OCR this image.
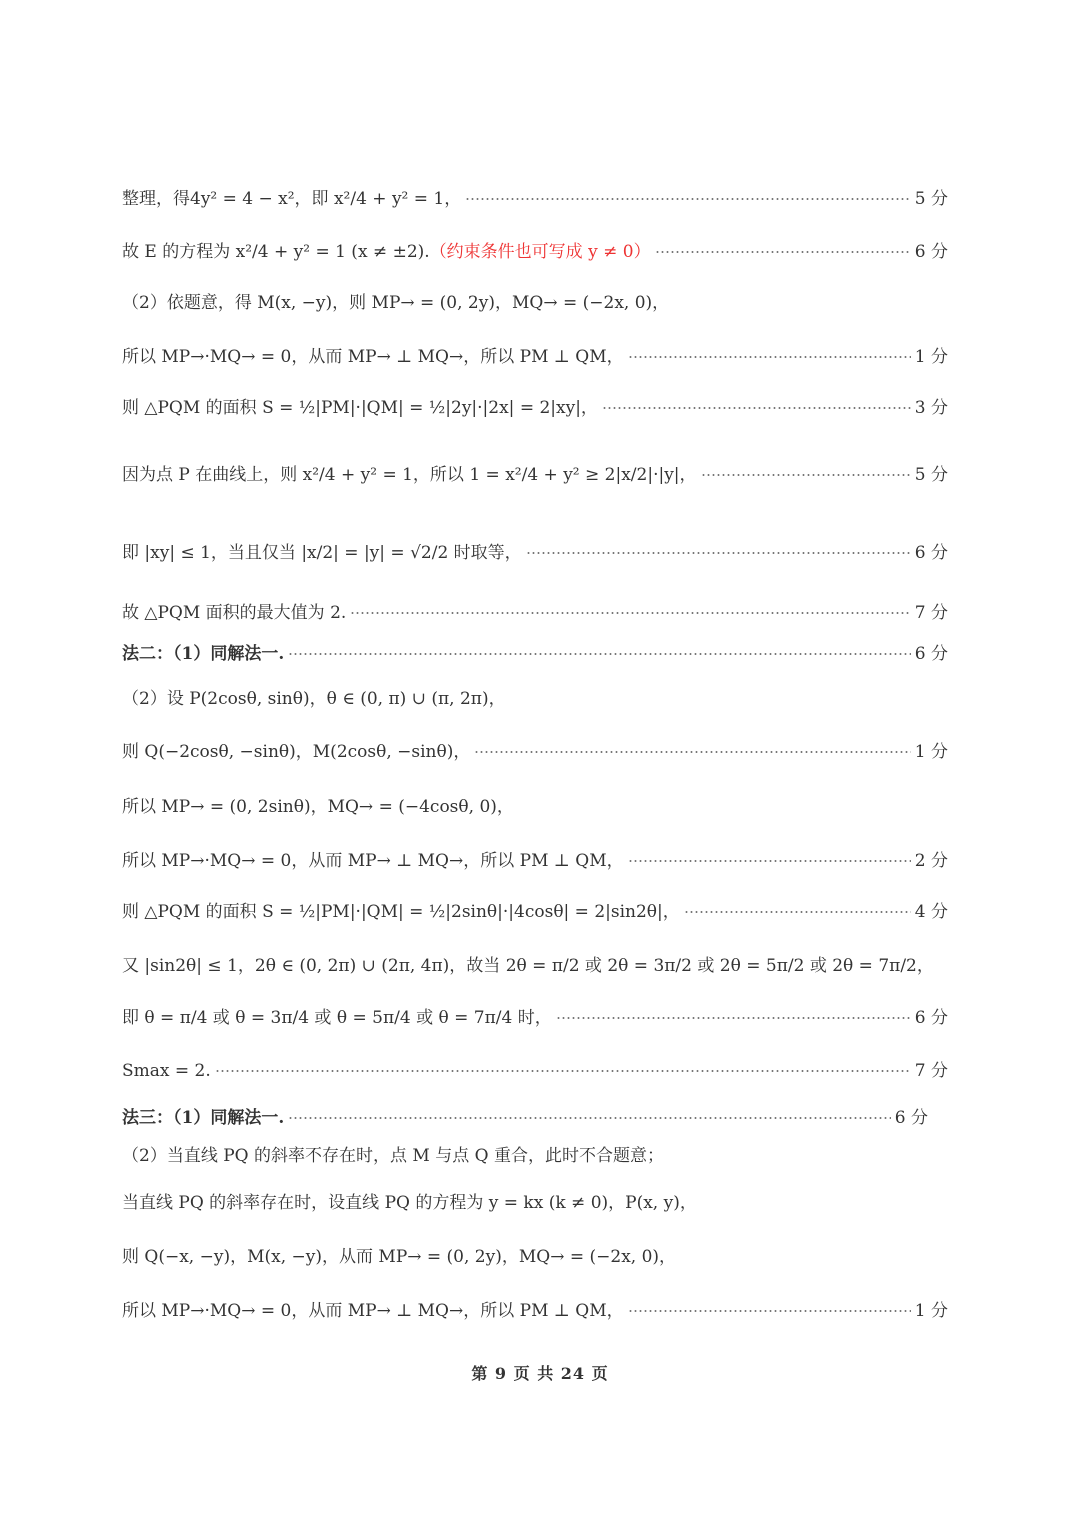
整理，得4y² = 4 − x²，即 x²/4 + y² = 1，	5 分
故 E 的方程为 x²/4 + y² = 1 (x ≠ ±2). （约束条件也可写成 y ≠ 0）	6 分
（2）依题意，得 M(x, −y)，则 MP→ = (0, 2y)，MQ→ = (−2x, 0)，
所以 MP→·MQ→ = 0，从而 MP→ ⊥ MQ→，所以 PM ⊥ QM，	1 分
则 △PQM 的面积 S = ½|PM|·|QM| = ½|2y|·|2x| = 2|xy|，	3 分
因为点 P 在曲线上，则 x²/4 + y² = 1，所以 1 = x²/4 + y² ≥ 2|x/2|·|y|，	5 分
即 |xy| ≤ 1，当且仅当 |x/2| = |y| = √2/2 时取等，	6 分
故 △PQM 面积的最大值为 2.	7 分
法二：（1）同解法一.	6 分
（2）设 P(2cosθ, sinθ)，θ ∈ (0, π) ∪ (π, 2π)，
则 Q(−2cosθ, −sinθ)，M(2cosθ, −sinθ)，	1 分
所以 MP→ = (0, 2sinθ)，MQ→ = (−4cosθ, 0)，
所以 MP→·MQ→ = 0，从而 MP→ ⊥ MQ→，所以 PM ⊥ QM，	2 分
则 △PQM 的面积 S = ½|PM|·|QM| = ½|2sinθ|·|4cosθ| = 2|sin2θ|，	4 分
又 |sin2θ| ≤ 1，2θ ∈ (0, 2π) ∪ (2π, 4π)，故当 2θ = π/2 或 2θ = 3π/2 或 2θ = 5π/2 或 2θ = 7π/2，
即 θ = π/4 或 θ = 3π/4 或 θ = 5π/4 或 θ = 7π/4 时，	6 分
Smax = 2.	7 分
法三：（1）同解法一.	6 分
（2）当直线 PQ 的斜率不存在时，点 M 与点 Q 重合，此时不合题意；
当直线 PQ 的斜率存在时，设直线 PQ 的方程为 y = kx (k ≠ 0)，P(x, y)，
则 Q(−x, −y)，M(x, −y)，从而 MP→ = (0, 2y)，MQ→ = (−2x, 0)，
所以 MP→·MQ→ = 0，从而 MP→ ⊥ MQ→，所以 PM ⊥ QM，	1 分
第 9 页 共 24 页
